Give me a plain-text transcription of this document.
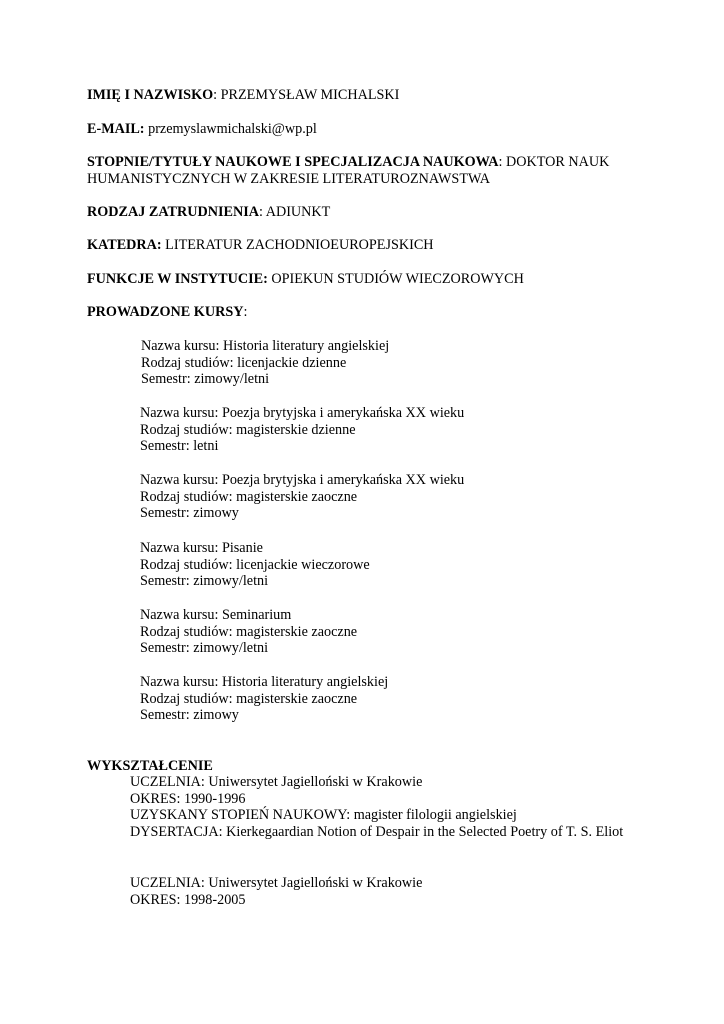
IMIĘ I NAZWISKO: PRZEMYSŁAW MICHALSKI
E-MAIL: przemyslawmichalski@wp.pl
STOPNIE/TYTUŁY NAUKOWE I SPECJALIZACJA NAUKOWA: DOKTOR NAUK HUMANISTYCZNYCH W ZAKRESIE LITERATUROZNAWSTWA
RODZAJ ZATRUDNIENIA: ADIUNKT
KATEDRA: LITERATUR ZACHODNIOEUROPEJSKICH
FUNKCJE W INSTYTUCIE: OPIEKUN STUDIÓW WIECZOROWYCH
PROWADZONE KURSY:
Nazwa kursu: Historia literatury angielskiej
Rodzaj studiów: licenjackie dzienne
Semestr: zimowy/letni
Nazwa kursu: Poezja brytyjska i amerykańska XX wieku
Rodzaj studiów: magisterskie dzienne
Semestr: letni
Nazwa kursu: Poezja brytyjska i amerykańska XX wieku
Rodzaj studiów: magisterskie zaoczne
Semestr: zimowy
Nazwa kursu: Pisanie
Rodzaj studiów: licenjackie wieczorowe
Semestr: zimowy/letni
Nazwa kursu: Seminarium
Rodzaj studiów: magisterskie zaoczne
Semestr: zimowy/letni
Nazwa kursu: Historia literatury angielskiej
Rodzaj studiów: magisterskie zaoczne
Semestr: zimowy
WYKSZTAŁCENIE
UCZELNIA: Uniwersytet Jagielloński w Krakowie
OKRES: 1990-1996
UZYSKANY STOPIEŃ NAUKOWY: magister filologii angielskiej
DYSERTACJA: Kierkegaardian Notion of Despair in the Selected Poetry of T. S. Eliot
UCZELNIA: Uniwersytet Jagielloński w Krakowie
OKRES: 1998-2005
